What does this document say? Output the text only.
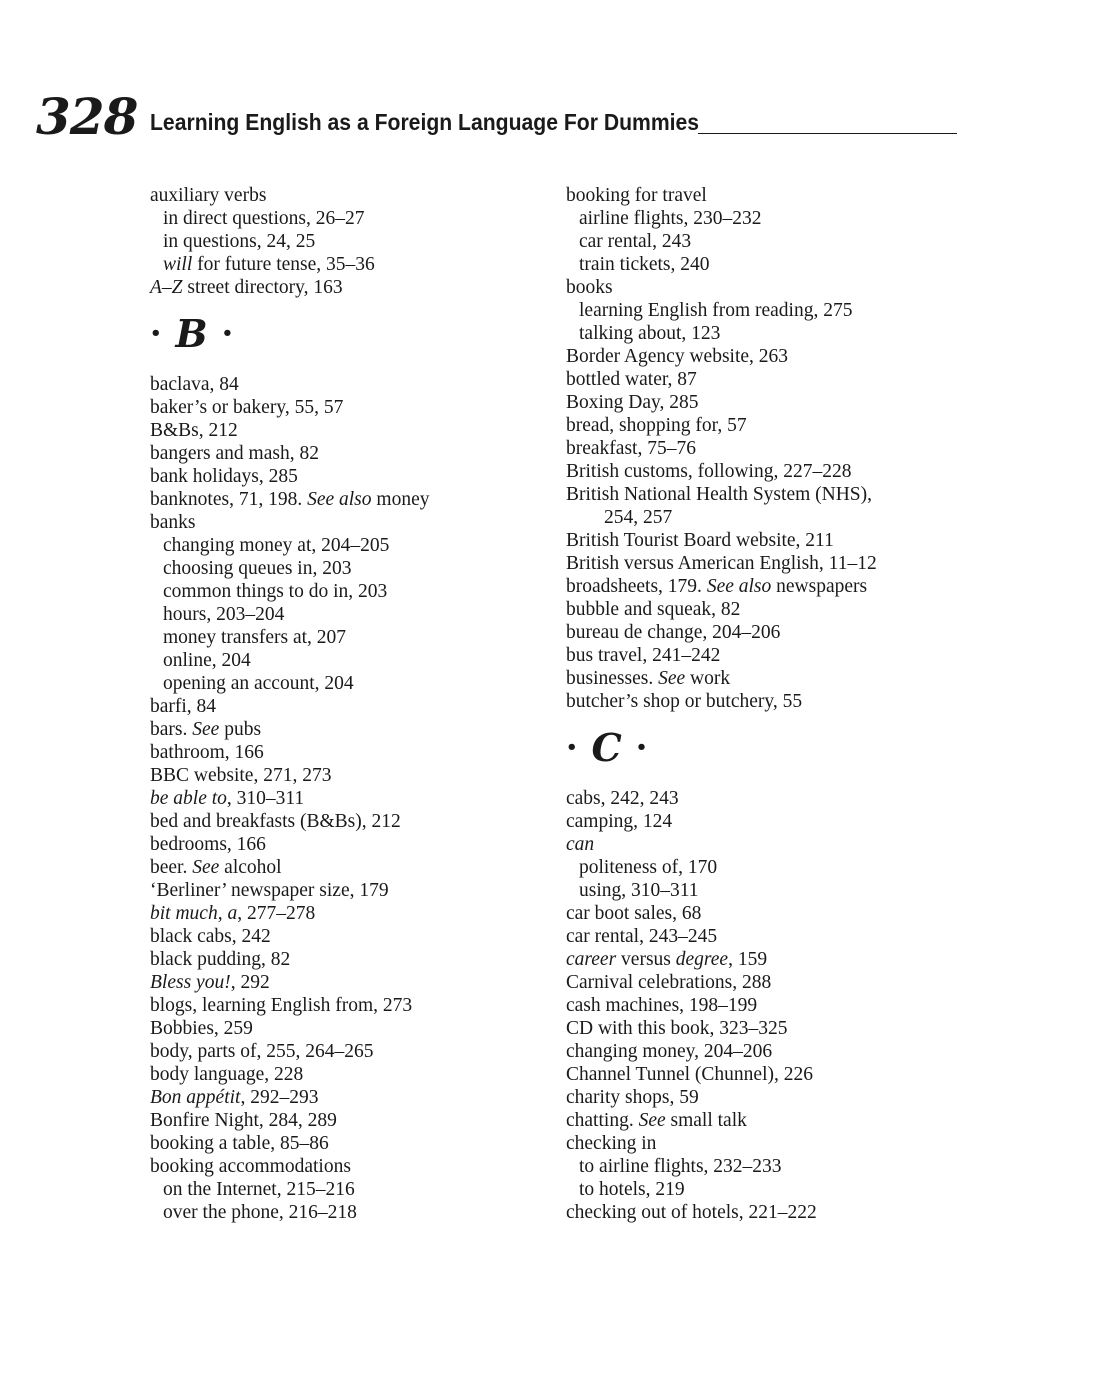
328 Learning English as a Foreign Language For Dummies
auxiliary verbs
in direct questions, 26–27
in questions, 24, 25
will for future tense, 35–36
A–Z street directory, 163
• B •
baclava, 84
baker’s or bakery, 55, 57
B&Bs, 212
bangers and mash, 82
bank holidays, 285
banknotes, 71, 198. See also money
banks
changing money at, 204–205
choosing queues in, 203
common things to do in, 203
hours, 203–204
money transfers at, 207
online, 204
opening an account, 204
barfi, 84
bars. See pubs
bathroom, 166
BBC website, 271, 273
be able to, 310–311
bed and breakfasts (B&Bs), 212
bedrooms, 166
beer. See alcohol
‘Berliner’ newspaper size, 179
bit much, a, 277–278
black cabs, 242
black pudding, 82
Bless you!, 292
blogs, learning English from, 273
Bobbies, 259
body, parts of, 255, 264–265
body language, 228
Bon appétit, 292–293
Bonfire Night, 284, 289
booking a table, 85–86
booking accommodations
on the Internet, 215–216
over the phone, 216–218
booking for travel
airline flights, 230–232
car rental, 243
train tickets, 240
books
learning English from reading, 275
talking about, 123
Border Agency website, 263
bottled water, 87
Boxing Day, 285
bread, shopping for, 57
breakfast, 75–76
British customs, following, 227–228
British National Health System (NHS),
254, 257
British Tourist Board website, 211
British versus American English, 11–12
broadsheets, 179. See also newspapers
bubble and squeak, 82
bureau de change, 204–206
bus travel, 241–242
businesses. See work
butcher’s shop or butchery, 55
• C •
cabs, 242, 243
camping, 124
can
politeness of, 170
using, 310–311
car boot sales, 68
car rental, 243–245
career versus degree, 159
Carnival celebrations, 288
cash machines, 198–199
CD with this book, 323–325
changing money, 204–206
Channel Tunnel (Chunnel), 226
charity shops, 59
chatting. See small talk
checking in
to airline flights, 232–233
to hotels, 219
checking out of hotels, 221–222
